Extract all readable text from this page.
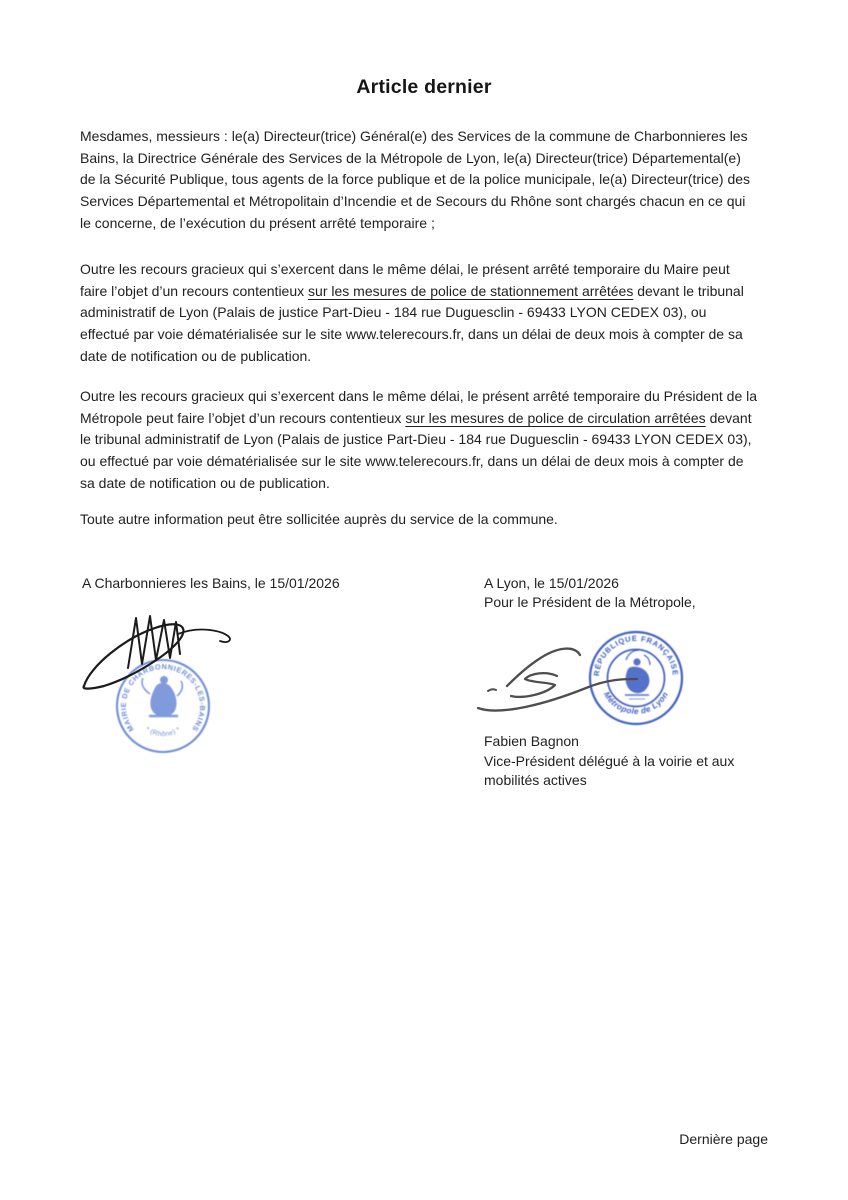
Article dernier
Mesdames, messieurs : le(a) Directeur(trice) Général(e) des Services de la commune de Charbonnieres les
Bains, la Directrice Générale des Services de la Métropole de Lyon, le(a) Directeur(trice) Départemental(e)
de la Sécurité Publique, tous agents de la force publique et de la police municipale, le(a) Directeur(trice) des
Services Départemental et Métropolitain d’Incendie et de Secours du Rhône sont chargés chacun en ce qui
le concerne, de l’exécution du présent arrêté temporaire ;
Outre les recours gracieux qui s’exercent dans le même délai, le présent arrêté temporaire du Maire peut
faire l’objet d’un recours contentieux sur les mesures de police de stationnement arrêtées devant le tribunal
administratif de Lyon (Palais de justice Part-Dieu - 184 rue Duguesclin - 69433 LYON CEDEX 03), ou
effectué par voie dématérialisée sur le site www.telerecours.fr, dans un délai de deux mois à compter de sa
date de notification ou de publication.
Outre les recours gracieux qui s’exercent dans le même délai, le présent arrêté temporaire du Président de la
Métropole peut faire l’objet d’un recours contentieux sur les mesures de police de circulation arrêtées devant
le tribunal administratif de Lyon (Palais de justice Part-Dieu - 184 rue Duguesclin - 69433 LYON CEDEX 03),
ou effectué par voie dématérialisée sur le site www.telerecours.fr, dans un délai de deux mois à compter de
sa date de notification ou de publication.
Toute autre information peut être sollicitée auprès du service de la commune.
A Charbonnieres les Bains, le 15/01/2026	A Lyon, le 15/01/2026
Pour le Président de la Métropole,
MAIRIE DE CHARBONNIERES-LES-BAINS
* (Rhône) *
RÉPUBLIQUE FRANÇAISE
Métropole de Lyon
Fabien Bagnon
Vice-Président délégué à la voirie et aux
mobilités actives
Dernière page
